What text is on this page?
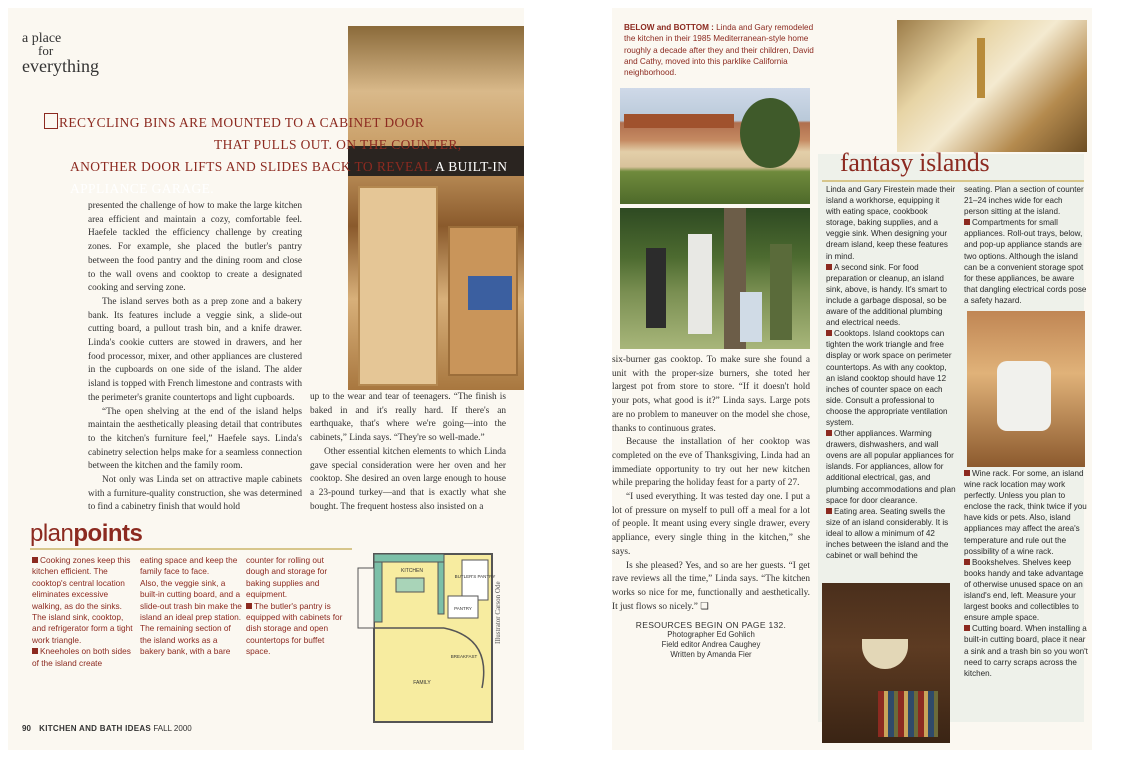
a place
for
everything
RECYCLING BINS ARE MOUNTED TO A CABINET DOOR
THAT PULLS OUT. ON THE COUNTER,
ANOTHER DOOR LIFTS AND SLIDES BACK TO REVEAL A BUILT-IN APPLIANCE GARAGE.

presented the challenge of how to make the large kitchen area efficient and maintain a cozy, comfortable feel. Haefele tackled the efficiency challenge by creating zones. For example, she placed the butler's pantry between the food pantry and the dining room and close to the wall ovens and cooktop to create a designated cooking and serving zone.

The island serves both as a prep zone and a bakery bank. Its features include a veggie sink, a slide-out cutting board, a pullout trash bin, and a knife drawer. Linda's cookie cutters are stowed in drawers, and her food processor, mixer, and other appliances are clustered in the cupboards on one side of the island. The alder island is topped with French limestone and contrasts with the perimeter's granite countertops and light cupboards.

“The open shelving at the end of the island helps maintain the aesthetically pleasing detail that contributes to the kitchen's furniture feel,” Haefele says. Linda's cabinetry selection helps make for a seamless connection between the kitchen and the family room.

Not only was Linda set on attractive maple cabinets with a furniture-quality construction, she was determined to find a cabinetry finish that would hold

up to the wear and tear of teenagers. “The finish is baked in and it's really hard. If there's an earthquake, that's where we're going—into the cabinets,” Linda says. “They're so well-made.”

Other essential kitchen elements to which Linda gave special consideration were her oven and her cooktop. She desired an oven large enough to house a 23-pound turkey—and that is exactly what she bought. The frequent hostess also insisted on a

planpoints
Cooking zones keep this kitchen efficient. The cooktop's central location eliminates excessive walking, as do the sinks. The island sink, cooktop, and refrigerator form a tight work triangle.
Kneeholes on both sides of the island create
eating space and keep the family face to face.
Also, the veggie sink, a built-in cutting board, and a slide-out trash bin make the island an ideal prep station. The remaining section of the island works as a bakery bank, with a bare
counter for rolling out dough and storage for baking supplies and equipment.
The butler's pantry is equipped with cabinets for dish storage and open countertops for buffet space.
KITCHEN
BUTLER'S PANTRY
PANTRY
BREAKFAST
FAMILY
Illustrator Carson Ode
90 KITCHEN AND BATH IDEAS FALL 2000
BELOW and BOTTOM : Linda and Gary remodeled the kitchen in their 1985 Mediterranean-style home roughly a decade after they and their children, David and Cathy, moved into this parklike California neighborhood.

six-burner gas cooktop. To make sure she found a unit with the proper-size burners, she toted her largest pot from store to store. “If it doesn't hold your pots, what good is it?” Linda says. Large pots are no problem to maneuver on the model she chose, thanks to continuous grates.

Because the installation of her cooktop was completed on the eve of Thanksgiving, Linda had an immediate opportunity to try out her new kitchen while preparing the holiday feast for a party of 27.

“I used everything. It was tested day one. I put a lot of pressure on myself to pull off a meal for a lot of people. It meant using every single drawer, every appliance, every single thing in the kitchen,” she says.

Is she pleased? Yes, and so are her guests. “I get rave reviews all the time,” Linda says. “The kitchen works so nice for me, functionally and aesthetically. It just flows so nicely.” ❏

RESOURCES BEGIN ON PAGE 132.
Photographer Ed Gohlich
Field editor Andrea Caughey
Written by Amanda Fier
fantasy islands
Linda and Gary Firestein made their island a workhorse, equipping it with eating space, cookbook storage, baking supplies, and a veggie sink. When designing your dream island, keep these features in mind.
A second sink. For food preparation or cleanup, an island sink, above, is handy. It's smart to include a garbage disposal, so be aware of the additional plumbing and electrical needs.
Cooktops. Island cooktops can tighten the work triangle and free display or work space on perimeter countertops. As with any cooktop, an island cooktop should have 12 inches of counter space on each side. Consult a professional to choose the appropriate ventilation system.
Other appliances. Warming drawers, dishwashers, and wall ovens are all popular appliances for islands. For appliances, allow for additional electrical, gas, and plumbing accommodations and plan space for door clearance.
Eating area. Seating swells the size of an island considerably. It is ideal to allow a minimum of 42 inches between the island and the cabinet or wall behind the
seating. Plan a section of counter 21–24 inches wide for each person sitting at the island.
Compartments for small appliances. Roll-out trays, below, and pop-up appliance stands are two options. Although the island can be a convenient storage spot for these appliances, be aware that dangling electrical cords pose a safety hazard.
Wine rack. For some, an island wine rack location may work perfectly. Unless you plan to enclose the rack, think twice if you have kids or pets. Also, island appliances may affect the area's temperature and rule out the possibility of a wine rack.
Bookshelves. Shelves keep books handy and take advantage of otherwise unused space on an island's end, left. Measure your largest books and collectibles to ensure ample space.
Cutting board. When installing a built-in cutting board, place it near a sink and a trash bin so you won't need to carry scraps across the kitchen.
